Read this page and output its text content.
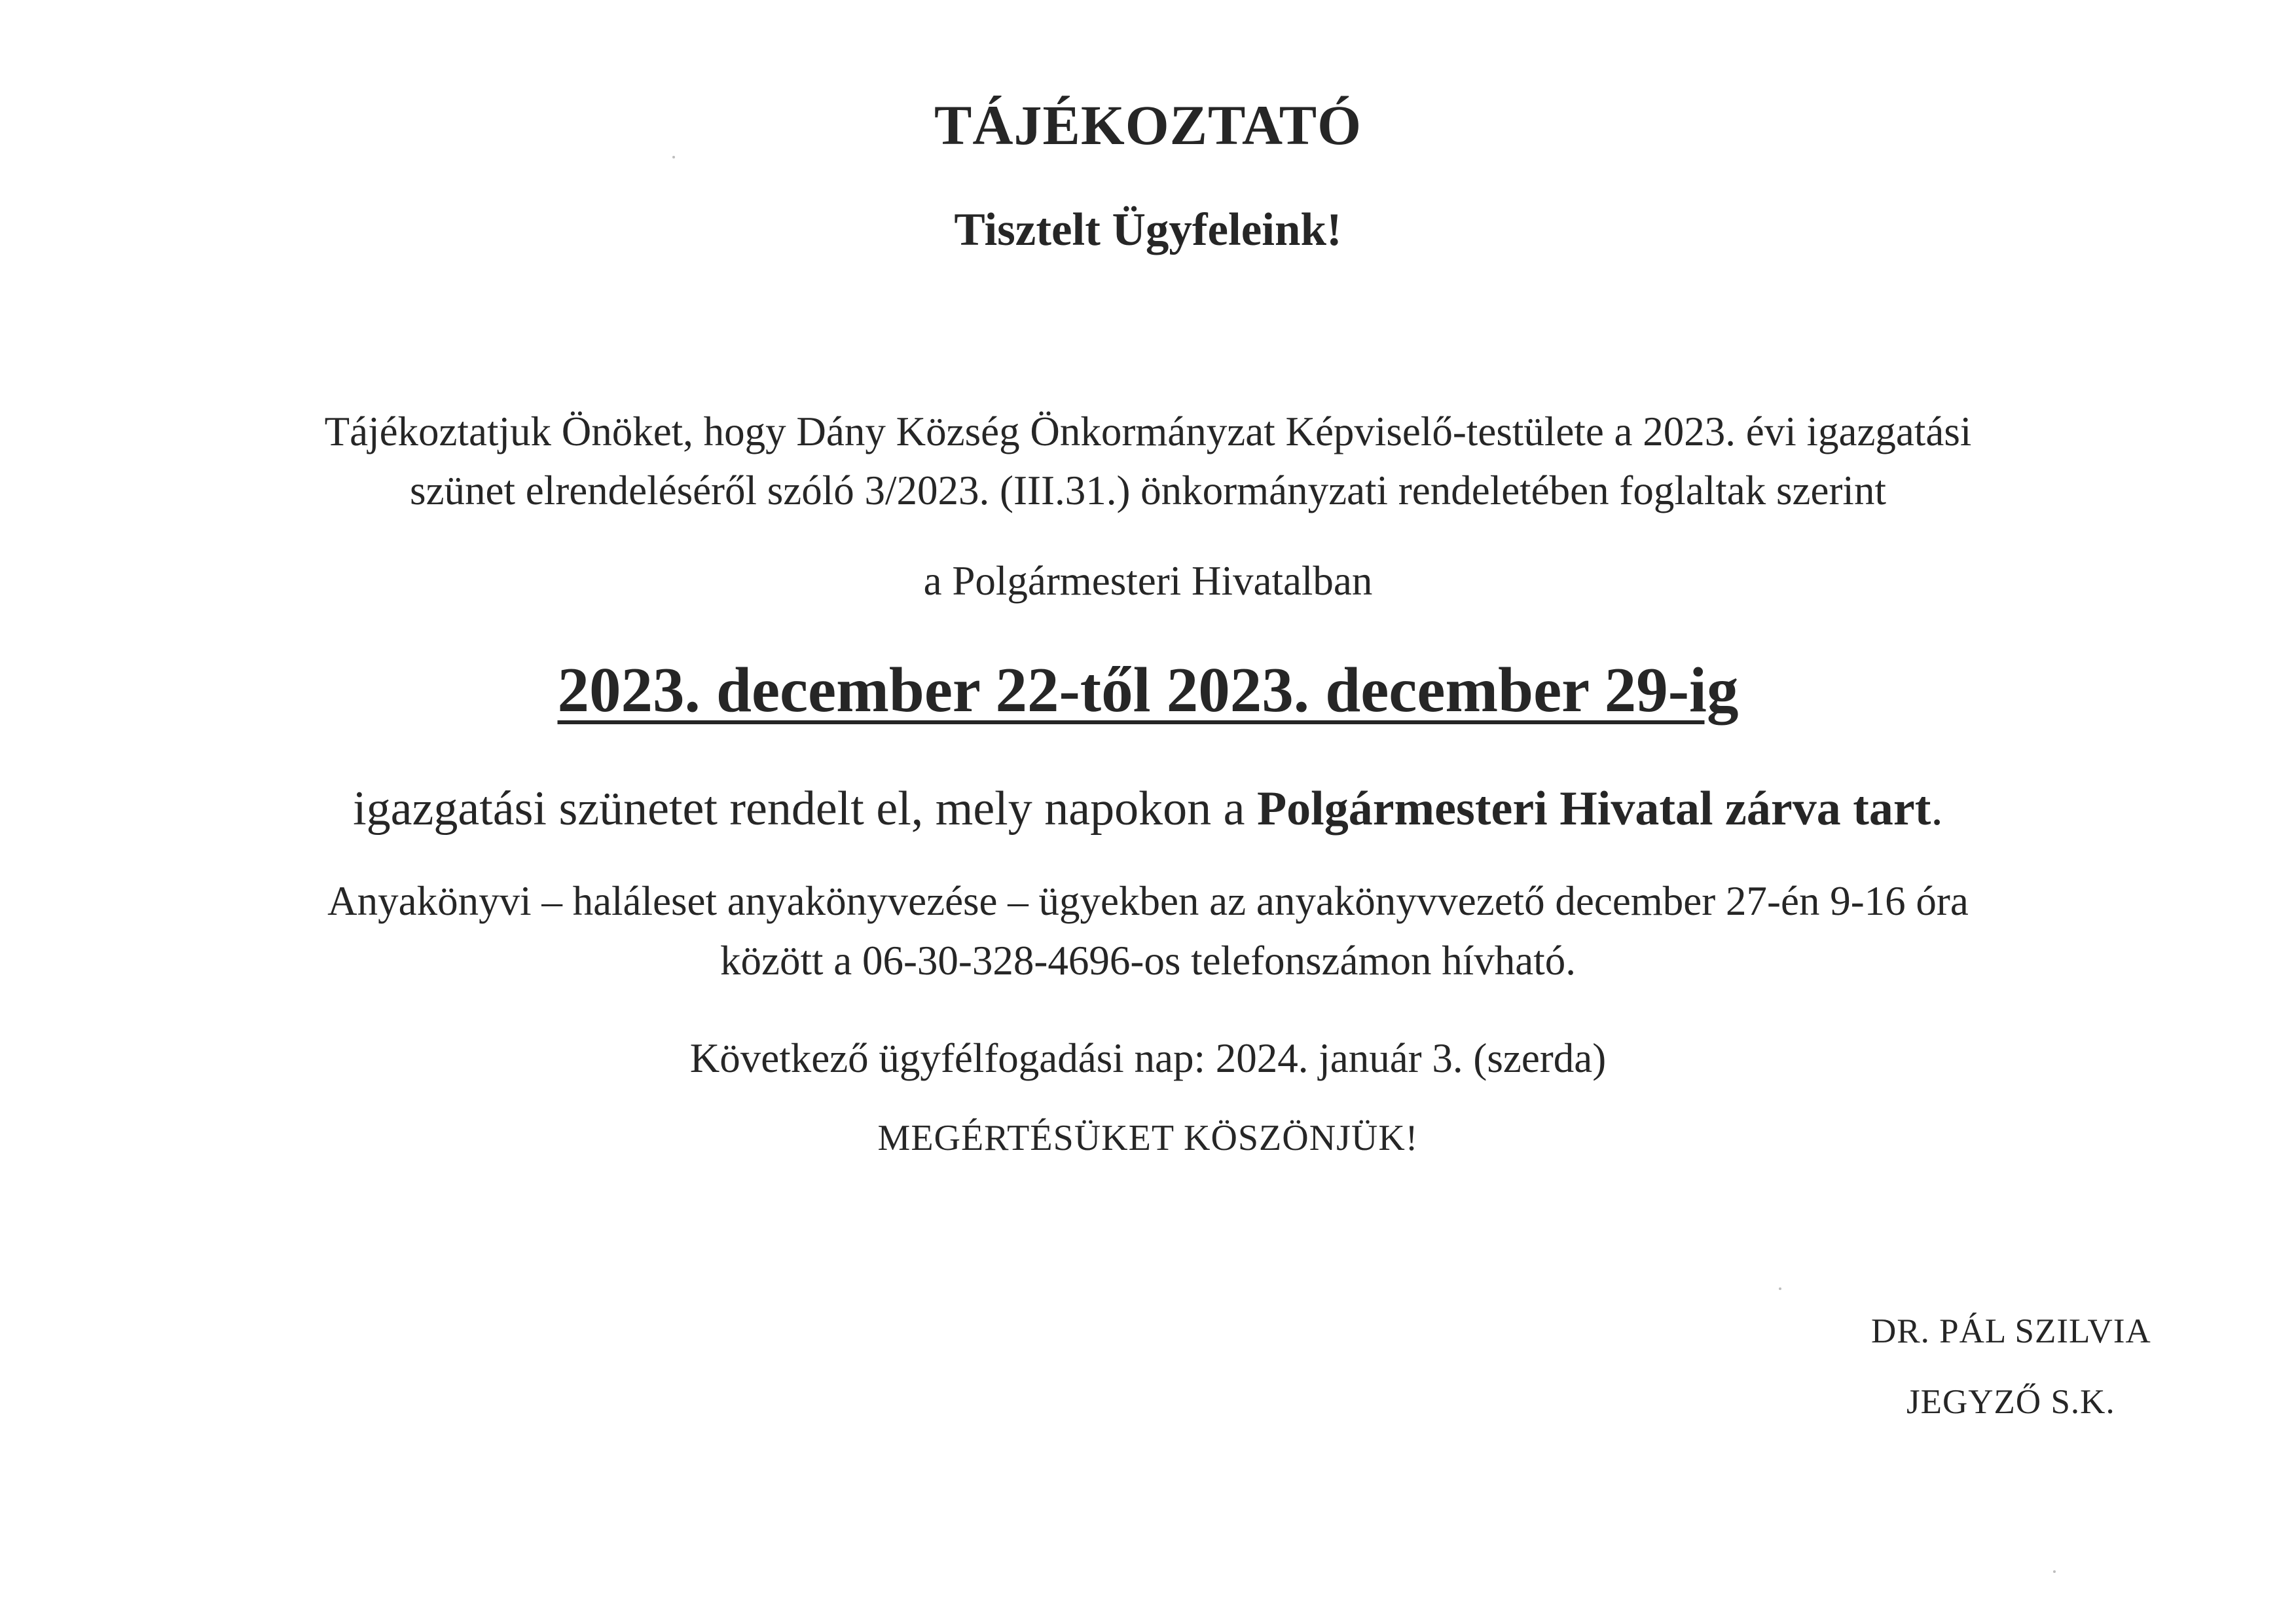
TÁJÉKOZTATÓ
Tisztelt Ügyfeleink!
Tájékoztatjuk Önöket, hogy Dány Község Önkormányzat Képviselő-testülete a 2023. évi igazgatási
szünet elrendeléséről szóló 3/2023. (III.31.) önkormányzati rendeletében foglaltak szerint
a Polgármesteri Hivatalban
2023. december 22-től 2023. december 29-ig
igazgatási szünetet rendelt el, mely napokon a Polgármesteri Hivatal zárva tart.
Anyakönyvi – haláleset anyakönyvezése – ügyekben az anyakönyvvezető december 27-én 9-16 óra
között a 06-30-328-4696-os telefonszámon hívható.
Következő ügyfélfogadási nap: 2024. január 3. (szerda)
MEGÉRTÉSÜKET KÖSZÖNJÜK!
DR. PÁL SZILVIA
JEGYZŐ S.K.
